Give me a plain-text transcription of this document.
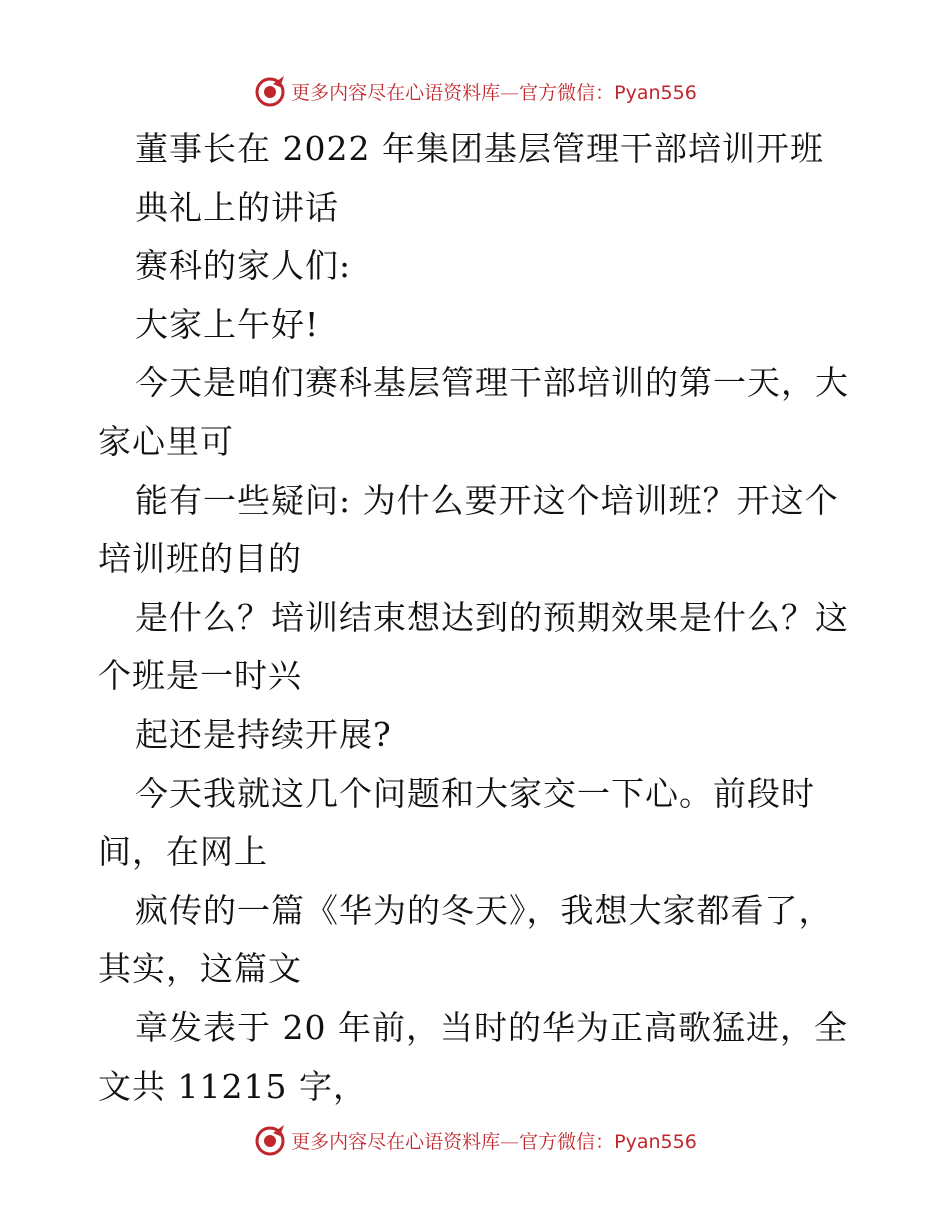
更多内容尽在心语资料库—官方微信：Pyan556
董事长在 2022 年集团基层管理干部培训开班
典礼上的讲话
赛科的家人们:
大家上午好!
今天是咱们赛科基层管理干部培训的第一天，大
家心里可
能有一些疑问: 为什么要开这个培训班？开这个
培训班的目的
是什么？培训结束想达到的预期效果是什么？这
个班是一时兴
起还是持续开展?
今天我就这几个问题和大家交一下心。前段时
间，在网上
疯传的一篇《华为的冬天》，我想大家都看了，
其实，这篇文
章发表于 20 年前，当时的华为正高歌猛进，全
文共 11215 字，
更多内容尽在心语资料库—官方微信：Pyan556
